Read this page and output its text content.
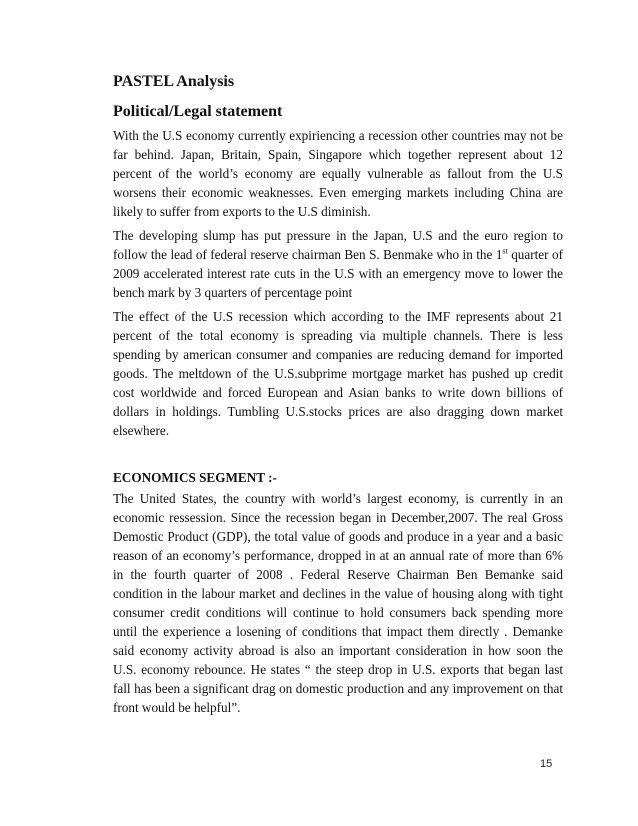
PASTEL Analysis
Political/Legal statement

With the U.S economy currently expiriencing a recession other countries may not be far behind. Japan, Britain, Spain, Singapore which together represent about 12 percent of the world’s economy are equally vulnerable as fallout from the U.S worsens their economic weaknesses. Even emerging markets including China are likely to suffer from exports to the U.S diminish.

The developing slump has put pressure in the Japan, U.S and the euro region to follow the lead of federal reserve chairman Ben S. Benmake who in the 1st quarter of 2009 accelerated interest rate cuts in the U.S with an emergency move to lower the bench mark by 3 quarters of percentage point

The effect of the U.S recession which according to the IMF represents about 21 percent of the total economy is spreading via multiple channels. There is less spending by american consumer and companies are reducing demand for imported goods. The meltdown of the U.S.subprime mortgage market has pushed up credit cost worldwide and forced European and Asian banks to write down billions of dollars in holdings. Tumbling U.S.stocks prices are also dragging down market elsewhere.

ECONOMICS SEGMENT :-

The United States, the country with world’s largest economy, is currently in an economic ressession. Since the recession began in December,2007. The real Gross Demostic Product (GDP), the total value of goods and produce in a year and a basic reason of an economy’s performance, dropped in at an annual rate of more than 6% in the fourth quarter of 2008 . Federal Reserve Chairman Ben Bemanke said condition in the labour market and declines in the value of housing along with tight consumer credit conditions will continue to hold consumers back spending more until the experience a losening of conditions that impact them directly . Demanke said economy activity abroad is also an important consideration in how soon the U.S. economy rebounce. He states “ the steep drop in U.S. exports that began last fall has been a significant drag on domestic production and any improvement on that front would be helpful”.

15
